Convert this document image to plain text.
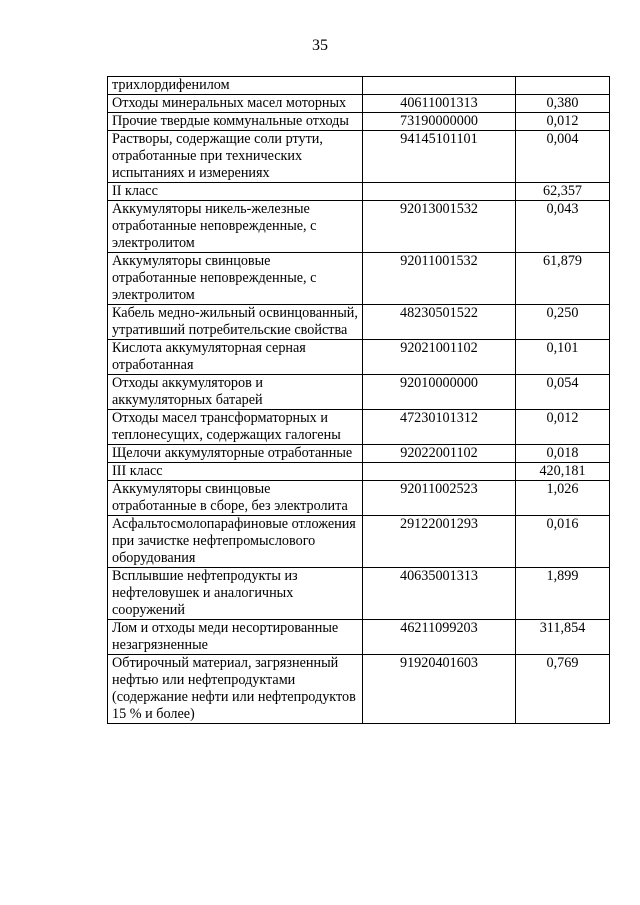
35
трихлордифенилом		
Отходы минеральных масел моторных	40611001313	0,380
Прочие твердые коммунальные отходы	73190000000	0,012
Растворы, содержащие соли ртути, отработанные при технических испытаниях и измерениях	94145101101	0,004
II класс		62,357
Аккумуляторы никель-железные отработанные неповрежденные, с электролитом	92013001532	0,043
Аккумуляторы свинцовые отработанные неповрежденные, с электролитом	92011001532	61,879
Кабель медно-жильный освинцованный, утративший потребительские свойства	48230501522	0,250
Кислота аккумуляторная серная отработанная	92021001102	0,101
Отходы аккумуляторов и аккумуляторных батарей	92010000000	0,054
Отходы масел трансформаторных и теплонесущих, содержащих галогены	47230101312	0,012
Щелочи аккумуляторные отработанные	92022001102	0,018
III класс		420,181
Аккумуляторы свинцовые отработанные в сборе, без электролита	92011002523	1,026
Асфальтосмолопарафиновые отложения при зачистке нефтепромыслового оборудования	29122001293	0,016
Всплывшие нефтепродукты из нефтеловушек и аналогичных сооружений	40635001313	1,899
Лом и отходы меди несортированные незагрязненные	46211099203	311,854
Обтирочный материал, загрязненный нефтью или нефтепродуктами (содержание нефти или нефтепродуктов 15 % и более)	91920401603	0,769
